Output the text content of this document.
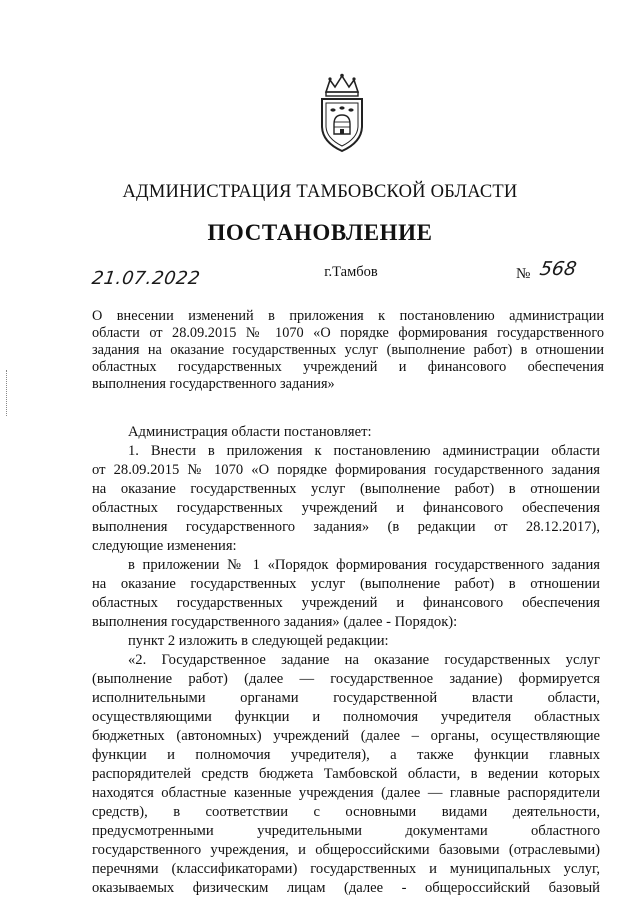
АДМИНИСТРАЦИЯ ТАМБОВСКОЙ ОБЛАСТИ
ПОСТАНОВЛЕНИЕ
21.07.2022	г.Тамбов	№ 568
О внесении изменений в приложения к постановлению администрации
области от 28.09.2015 № 1070 «О порядке формирования государственного
задания на оказание государственных услуг (выполнение работ) в отношении
областных государственных учреждений и финансового обеспечения
выполнения государственного задания»
Администрация области постановляет:
1. Внести в приложения к постановлению администрации области
от 28.09.2015 № 1070 «О порядке формирования государственного задания
на оказание государственных услуг (выполнение работ) в отношении
областных государственных учреждений и финансового обеспечения
выполнения государственного задания» (в редакции от 28.12.2017),
следующие изменения:
в приложении № 1 «Порядок формирования государственного задания
на оказание государственных услуг (выполнение работ) в отношении
областных государственных учреждений и финансового обеспечения
выполнения государственного задания» (далее - Порядок):
пункт 2 изложить в следующей редакции:
«2. Государственное задание на оказание государственных услуг
(выполнение работ) (далее — государственное задание) формируется
исполнительными органами государственной власти области,
осуществляющими функции и полномочия учредителя областных
бюджетных (автономных) учреждений (далее – органы, осуществляющие
функции и полномочия учредителя), а также функции главных
распорядителей средств бюджета Тамбовской области, в ведении которых
находятся областные казенные учреждения (далее — главные распорядители
средств), в соответствии с основными видами деятельности,
предусмотренными учредительными документами областного
государственного учреждения, и общероссийскими базовыми (отраслевыми)
перечнями (классификаторами) государственных и муниципальных услуг,
оказываемых физическим лицам (далее - общероссийский базовый
